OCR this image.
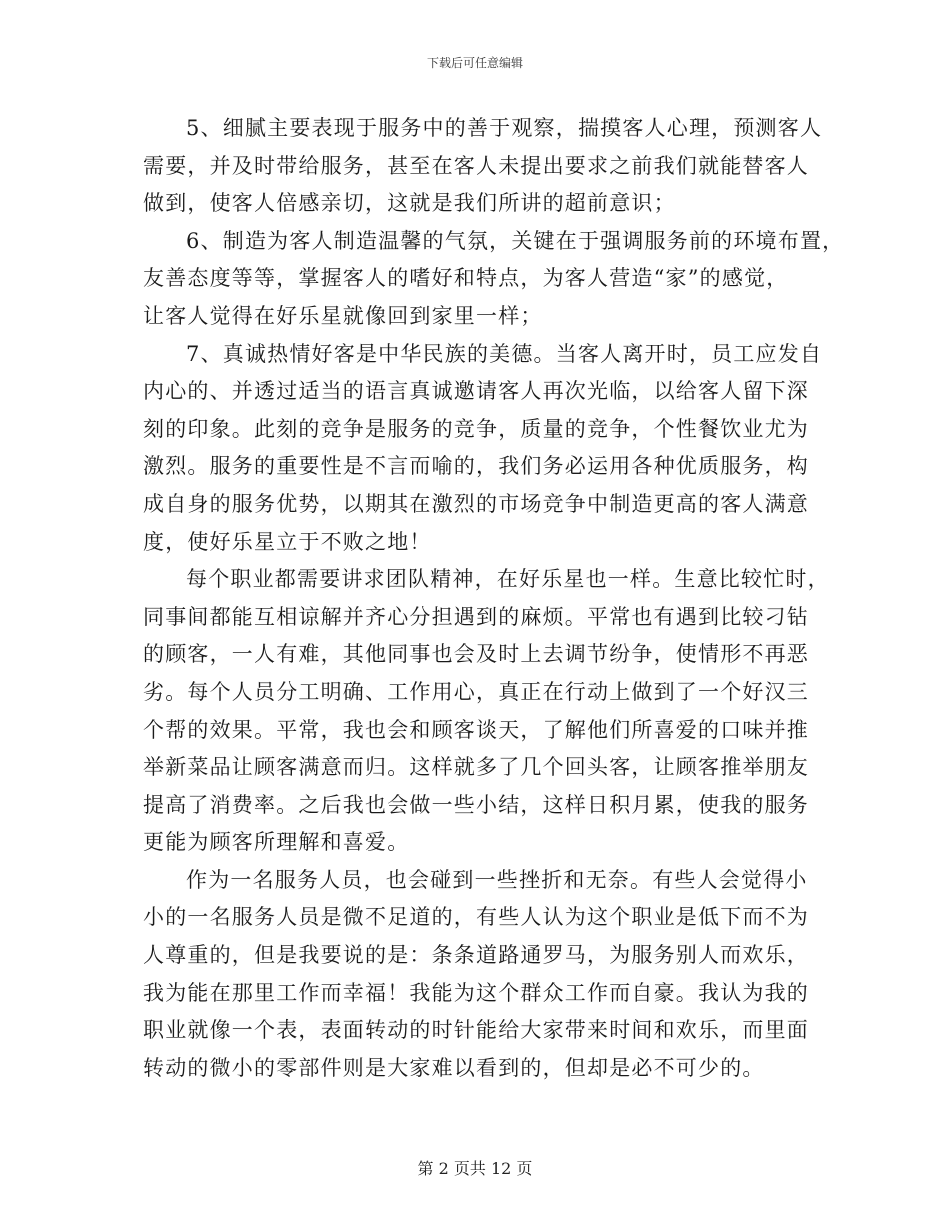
下载后可任意编辑
5、细腻主要表现于服务中的善于观察，揣摸客人心理，预测客人
需要，并及时带给服务，甚至在客人未提出要求之前我们就能替客人
做到，使客人倍感亲切，这就是我们所讲的超前意识；
6、制造为客人制造温馨的气氛，关键在于强调服务前的环境布置，
友善态度等等，掌握客人的嗜好和特点，为客人营造“家”的感觉，
让客人觉得在好乐星就像回到家里一样；
7、真诚热情好客是中华民族的美德。当客人离开时，员工应发自
内心的、并透过适当的语言真诚邀请客人再次光临，以给客人留下深
刻的印象。此刻的竞争是服务的竞争，质量的竞争，个性餐饮业尤为
激烈。服务的重要性是不言而喻的，我们务必运用各种优质服务，构
成自身的服务优势，以期其在激烈的市场竞争中制造更高的客人满意
度，使好乐星立于不败之地！
每个职业都需要讲求团队精神，在好乐星也一样。生意比较忙时，
同事间都能互相谅解并齐心分担遇到的麻烦。平常也有遇到比较刁钻
的顾客，一人有难，其他同事也会及时上去调节纷争，使情形不再恶
劣。每个人员分工明确、工作用心，真正在行动上做到了一个好汉三
个帮的效果。平常，我也会和顾客谈天，了解他们所喜爱的口味并推
举新菜品让顾客满意而归。这样就多了几个回头客，让顾客推举朋友
提高了消费率。之后我也会做一些小结，这样日积月累，使我的服务
更能为顾客所理解和喜爱。
作为一名服务人员，也会碰到一些挫折和无奈。有些人会觉得小
小的一名服务人员是微不足道的，有些人认为这个职业是低下而不为
人尊重的，但是我要说的是：条条道路通罗马，为服务别人而欢乐，
我为能在那里工作而幸福！我能为这个群众工作而自豪。我认为我的
职业就像一个表，表面转动的时针能给大家带来时间和欢乐，而里面
转动的微小的零部件则是大家难以看到的，但却是必不可少的。
第 2 页共 12 页
